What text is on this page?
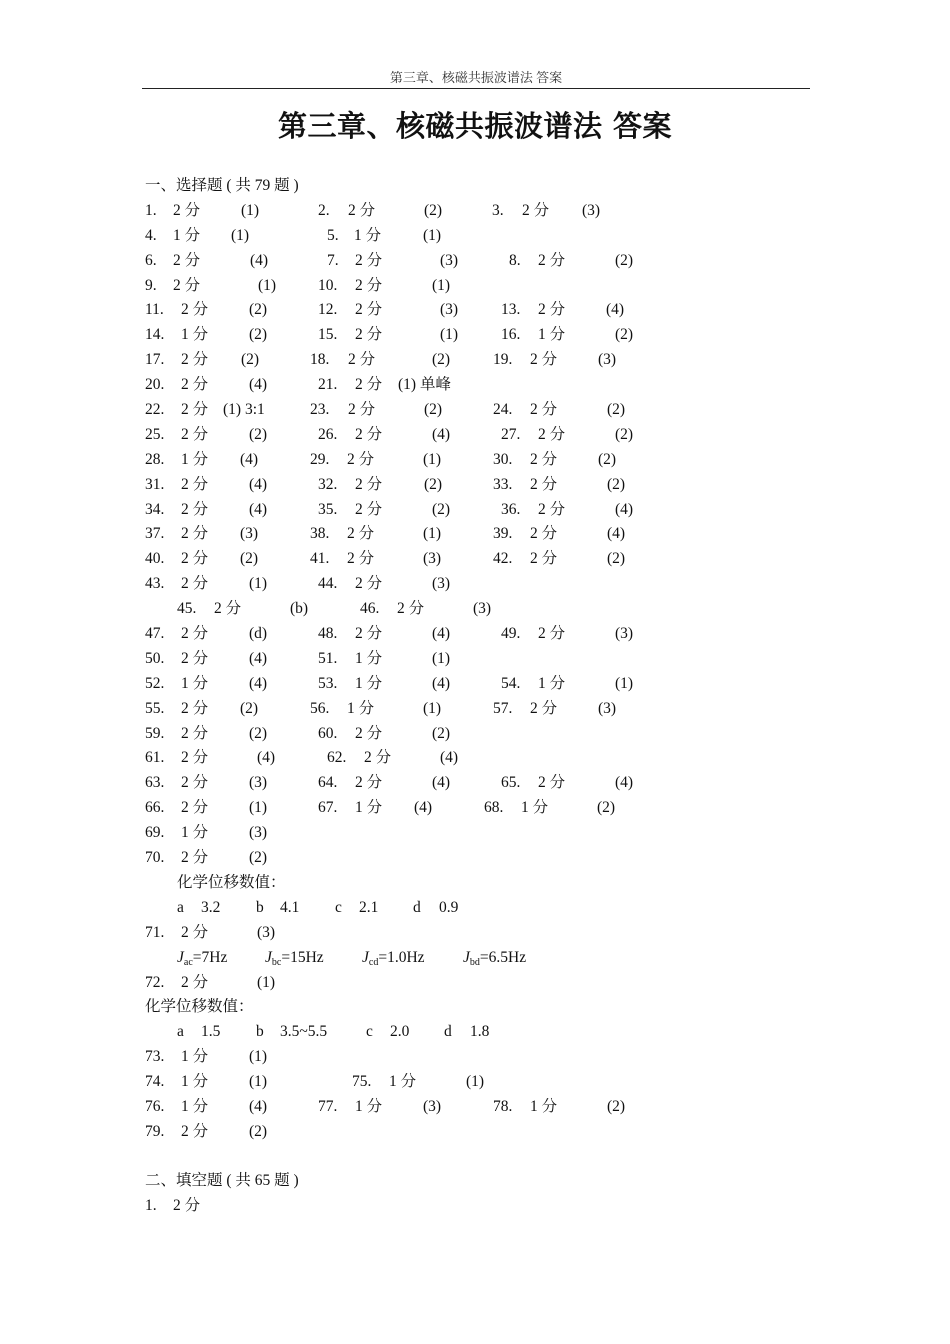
第三章、核磁共振波谱法 答案
第三章、核磁共振波谱法 答案
一、选择题 ( 共 79 题 )
1. 2 分	(1)	2. 2 分	(2)	3. 2 分 (3)
4. 1 分 (1)	5. 1 分	(1)
6. 2 分	(4)	7. 2 分	(3)	8. 2 分	(2)
9. 2 分	(1)	10. 2 分	(1)
11. 2 分	(2)	12. 2 分	(3)	13. 2 分	(4)
14. 1 分	(2)	15. 2 分	(1)	16. 1 分	(2)
17. 2 分 (2)	18. 2 分	(2)	19. 2 分	(3)
20. 2 分	(4)	21. 2 分 (1) 单峰
22. 2 分 (1) 3:1	23. 2 分	(2)	24. 2 分	(2)
25. 2 分	(2)	26. 2 分	(4)	27. 2 分	(2)
28. 1 分 (4)	29. 2 分	(1)	30. 2 分	(2)
31. 2 分	(4)	32. 2 分	(2)	33. 2 分	(2)
34. 2 分	(4)	35. 2 分	(2)	36. 2 分	(4)
37. 2 分 (3)	38. 2 分	(1)	39. 2 分	(4)
40. 2 分 (2)	41. 2 分	(3)	42. 2 分	(2)
43. 2 分	(1)	44. 2 分	(3)
45. 2 分	(b)	46. 2 分	(3)
47. 2 分	(d)	48. 2 分	(4)	49. 2 分	(3)
50. 2 分	(4)	51. 1 分	(1)
52. 1 分	(4)	53. 1 分	(4)	54. 1 分	(1)
55. 2 分 (2)	56. 1 分	(1)	57. 2 分	(3)
59. 2 分	(2)	60. 2 分	(2)
61. 2 分	(4)	62. 2 分	(4)
63. 2 分	(3)	64. 2 分	(4)	65. 2 分	(4)
66. 2 分	(1)	67. 1 分 (4)	68. 1 分	(2)
69. 1 分	(3)
70. 2 分	(2)
化学位移数值：
a 3.2 b 4.1 c 2.1 d 0.9
71. 2 分	(3)
$J_{ac}=7Hz$ $J_{bc}=15Hz$ $J_{cd}=1.0Hz$ $J_{bd}=6.5Hz$
72. 2 分	(1)
化学位移数值：
a 1.5 b 3.5~5.5	c 2.0 d 1.8
73. 1 分	(1)
74. 1 分	(1)	75. 1 分	(1)
76. 1 分	(4)	77. 1 分	(3)	78. 1 分	(2)
79. 2 分	(2)
二、填空题 ( 共 65 题 )
1. 2 分
